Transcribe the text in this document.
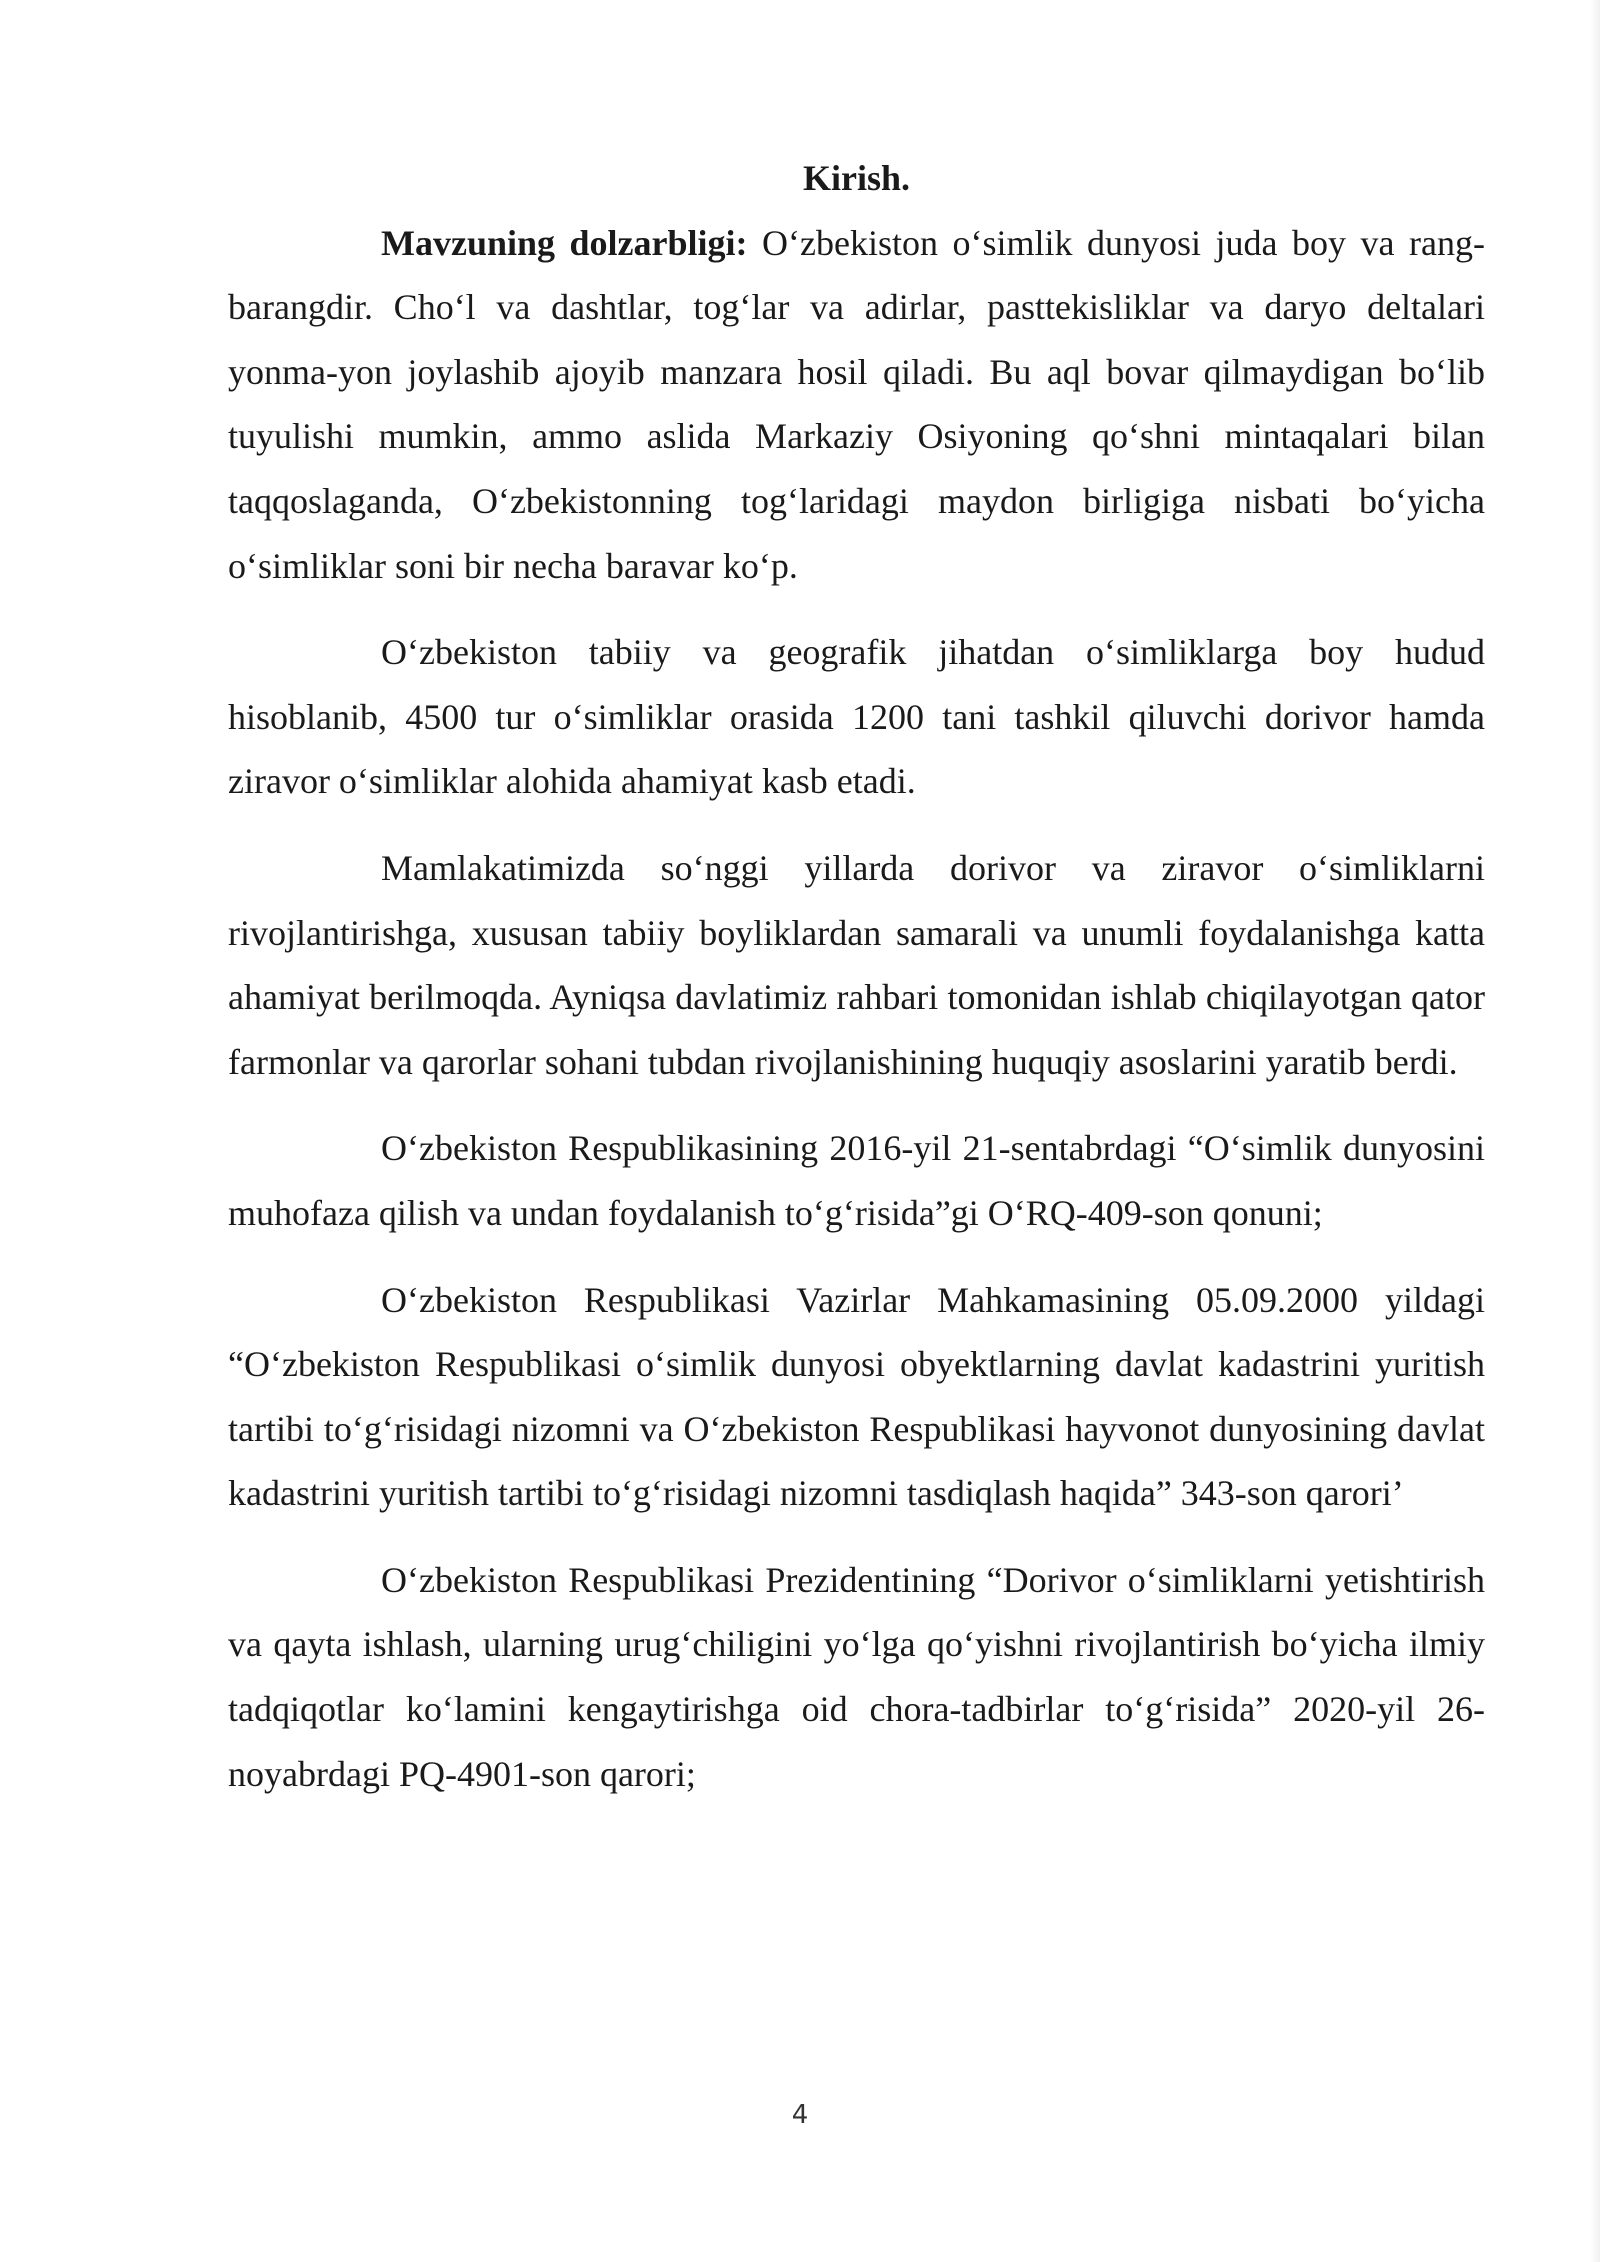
Kirish.

Mavzuning dolzarbligi: O‘zbekiston o‘simlik dunyosi juda boy va rang-barangdir. Cho‘l va dashtlar, tog‘lar va adirlar, pasttekisliklar va daryo deltalari yonma-yon joylashib ajoyib manzara hosil qiladi. Bu aql bovar qilmaydigan bo‘lib tuyulishi mumkin, ammo aslida Markaziy Osiyoning qo‘shni mintaqalari bilan taqqoslaganda, O‘zbekistonning tog‘laridagi maydon birligiga nisbati bo‘yicha o‘simliklar soni bir necha baravar ko‘p.

O‘zbekiston tabiiy va geografik jihatdan o‘simliklarga boy hudud hisoblanib, 4500 tur o‘simliklar orasida 1200 tani tashkil qiluvchi dorivor hamda ziravor o‘simliklar alohida ahamiyat kasb etadi.

Mamlakatimizda so‘nggi yillarda dorivor va ziravor o‘simliklarni rivojlantirishga, xususan tabiiy boyliklardan samarali va unumli foydalanishga katta ahamiyat berilmoqda. Ayniqsa davlatimiz rahbari tomonidan ishlab chiqilayotgan qator farmonlar va qarorlar sohani tubdan rivojlanishining huquqiy asoslarini yaratib berdi.

O‘zbekiston Respublikasining 2016-yil 21-sentabrdagi “O‘simlik dunyosini muhofaza qilish va undan foydalanish to‘g‘risida”gi O‘RQ-409-son qonuni;

O‘zbekiston Respublikasi Vazirlar Mahkamasining 05.09.2000 yildagi “O‘zbekiston Respublikasi o‘simlik dunyosi obyektlarning davlat kadastrini yuritish tartibi to‘g‘risidagi nizomni va O‘zbekiston Respublikasi hayvonot dunyosining davlat kadastrini yuritish tartibi to‘g‘risidagi nizomni tasdiqlash haqida” 343-son qarori’

O‘zbekiston Respublikasi Prezidentining “Dorivor o‘simliklarni yetishtirish va qayta ishlash, ularning urug‘chiligini yo‘lga qo‘yishni rivojlantirish bo‘yicha ilmiy tadqiqotlar ko‘lamini kengaytirishga oid chora-tadbirlar to‘g‘risida” 2020-yil 26-noyabrdagi PQ-4901-son qarori;

4
